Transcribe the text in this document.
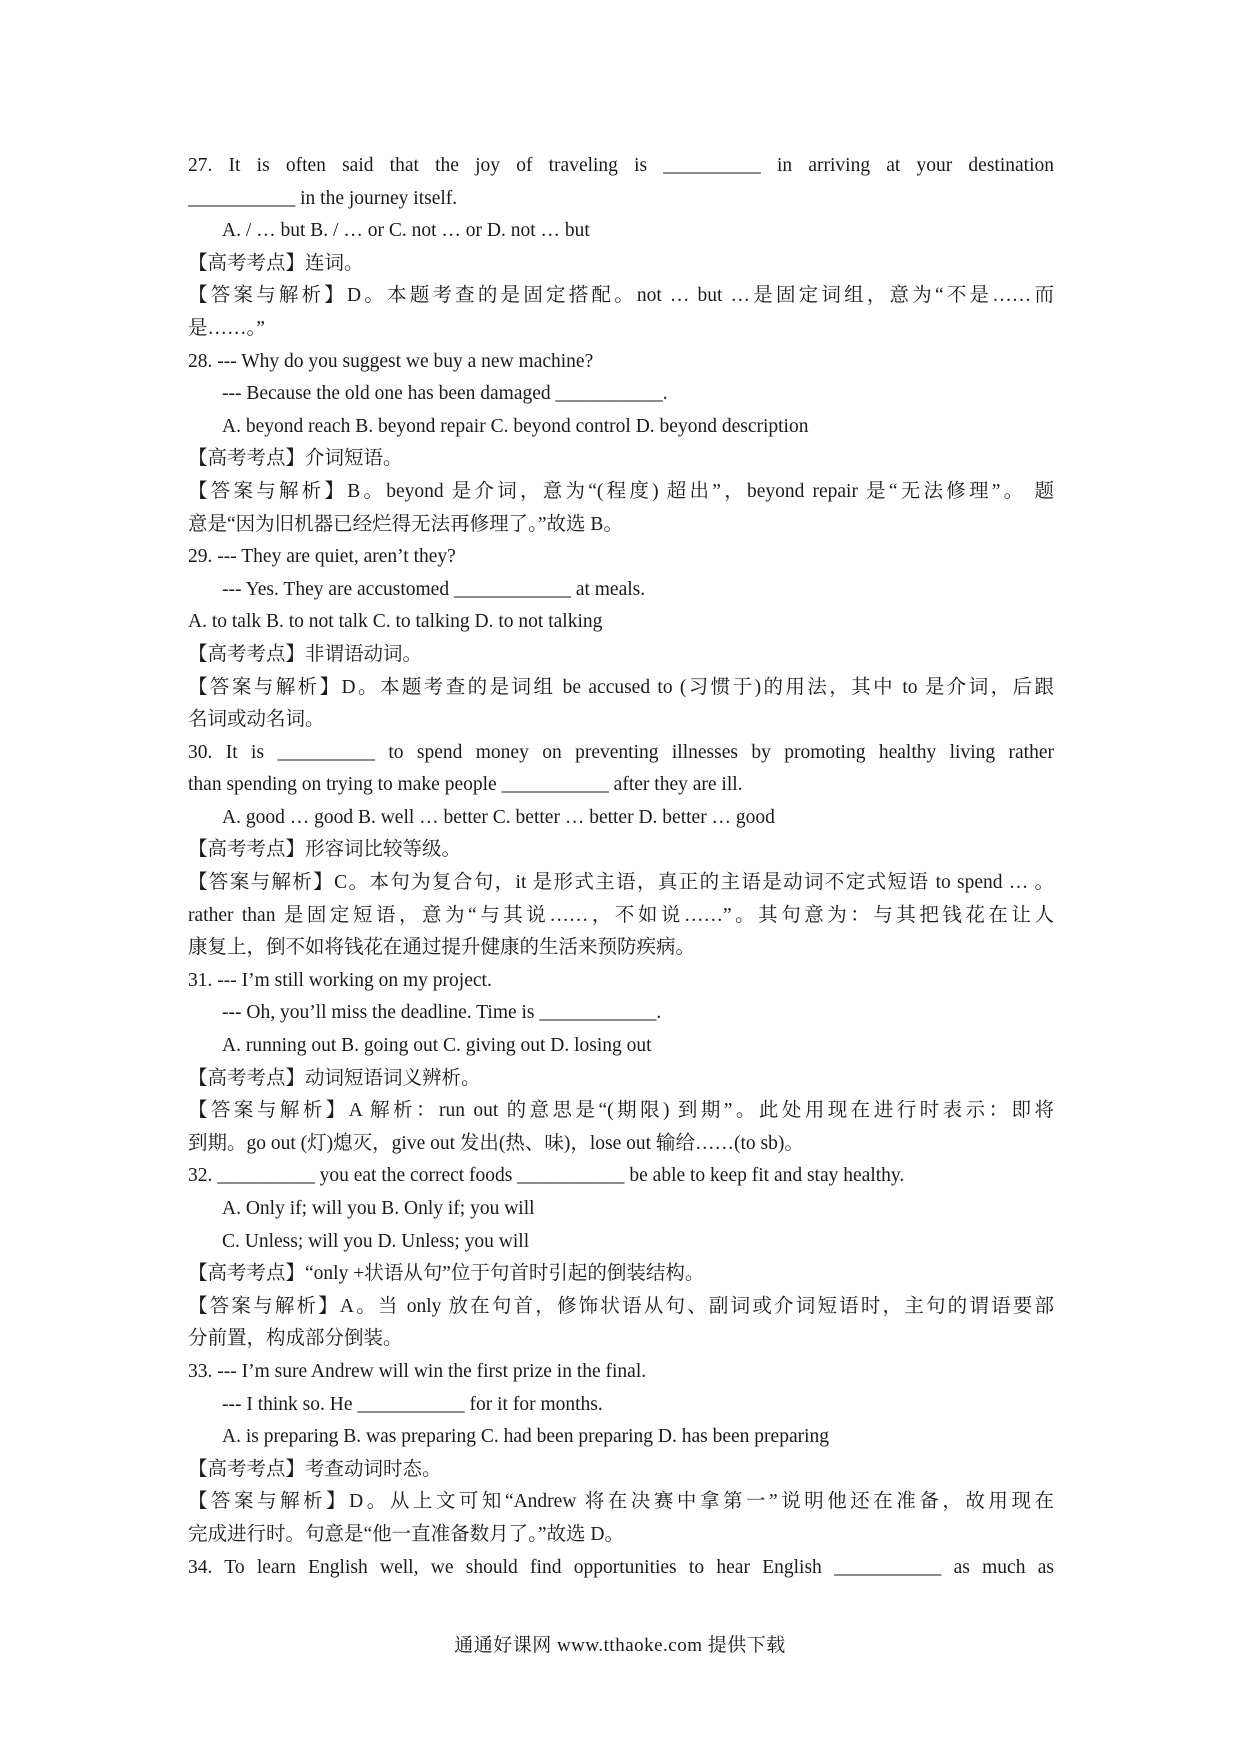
27. It is often said that the joy of traveling is __________ in arriving at your destination
___________ in the journey itself.
A. / … but B. / … or C. not … or D. not … but
【高考考点】连词。
【答案与解析】D。本题考查的是固定搭配。not … but …是固定词组，意为“不是……而
是……。”
28. --- Why do you suggest we buy a new machine?
--- Because the old one has been damaged ___________.
A. beyond reach B. beyond repair C. beyond control D. beyond description
【高考考点】介词短语。
【答案与解析】B。beyond 是介词，意为“(程度) 超出”，beyond repair 是“无法修理”。 题
意是“因为旧机器已经烂得无法再修理了。”故选 B。
29. --- They are quiet, aren’t they?
--- Yes. They are accustomed ____________ at meals.
A. to talk B. to not talk C. to talking D. to not talking
【高考考点】非谓语动词。
【答案与解析】D。本题考查的是词组 be accused to (习惯于)的用法，其中 to 是介词，后跟
名词或动名词。
30. It is __________ to spend money on preventing illnesses by promoting healthy living rather
than spending on trying to make people ___________ after they are ill.
A. good … good B. well … better C. better … better D. better … good
【高考考点】形容词比较等级。
【答案与解析】C。本句为复合句，it 是形式主语，真正的主语是动词不定式短语 to spend … 。
rather than 是固定短语，意为“与其说……，不如说……”。其句意为：与其把钱花在让人
康复上，倒不如将钱花在通过提升健康的生活来预防疾病。
31. --- I’m still working on my project.
--- Oh, you’ll miss the deadline. Time is ____________.
A. running out B. going out C. giving out D. losing out
【高考考点】动词短语词义辨析。
【答案与解析】A 解析：run out 的意思是“(期限) 到期”。此处用现在进行时表示：即将
到期。go out (灯)熄灭，give out 发出(热、味)，lose out 输给……(to sb)。
32. __________ you eat the correct foods ___________ be able to keep fit and stay healthy.
A. Only if; will you B. Only if; you will
C. Unless; will you D. Unless; you will
【高考考点】“only +状语从句”位于句首时引起的倒装结构。
【答案与解析】A。当 only 放在句首，修饰状语从句、副词或介词短语时，主句的谓语要部
分前置，构成部分倒装。
33. --- I’m sure Andrew will win the first prize in the final.
--- I think so. He ___________ for it for months.
A. is preparing B. was preparing C. had been preparing D. has been preparing
【高考考点】考查动词时态。
【答案与解析】D。从上文可知“Andrew 将在决赛中拿第一”说明他还在准备，故用现在
完成进行时。句意是“他一直准备数月了。”故选 D。
34. To learn English well, we should find opportunities to hear English ___________ as much as
通通好课网 www.tthaoke.com 提供下载
